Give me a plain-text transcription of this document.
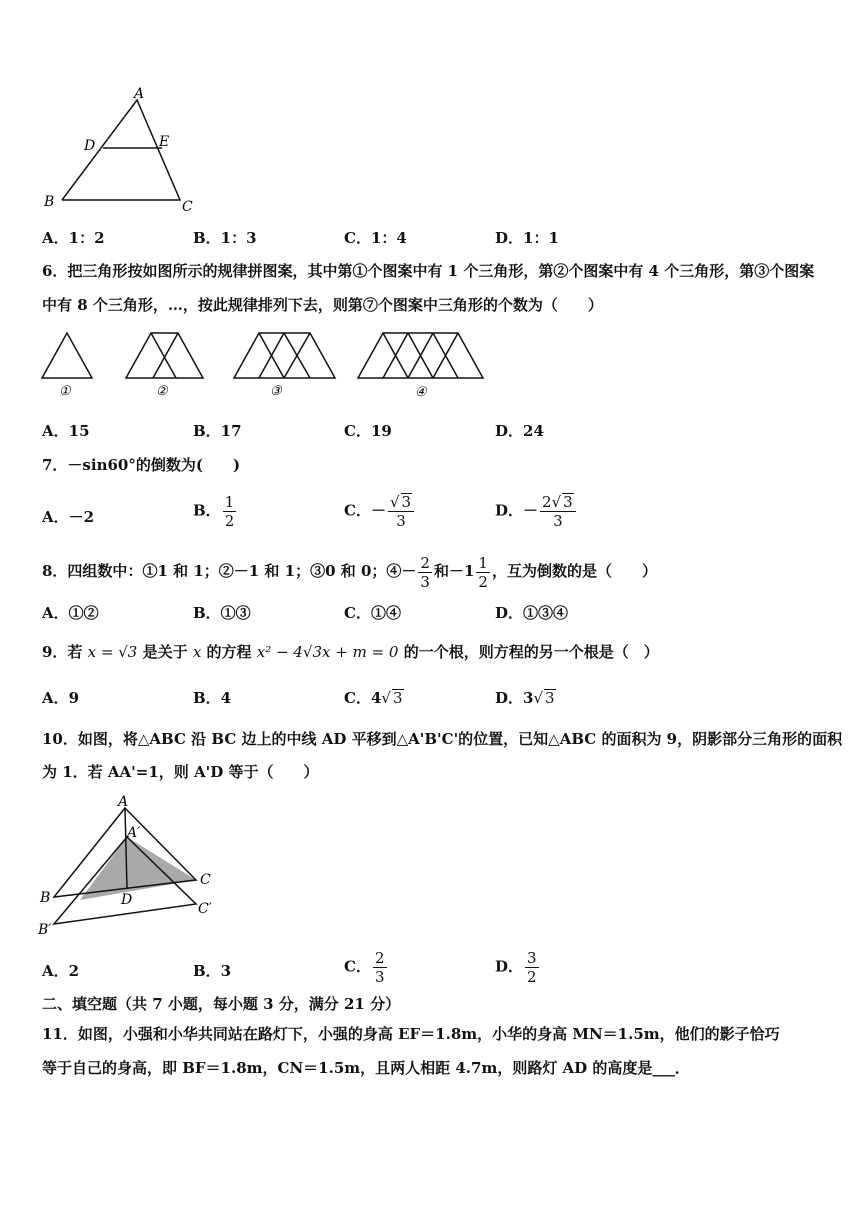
A
D	E
B	C
A．1：2	B．1：3	C．1：4	D．1：1
6．把三角形按如图所示的规律拼图案，其中第①个图案中有 1 个三角形，第②个图案中有 4 个三角形，第③个图案
中有 8 个三角形，…，按此规律排列下去，则第⑦个图案中三角形的个数为（　　）
①	②	③	④
A．15	B．17	C．19	D．24
7．－sin60°的倒数为(　　)
A．－2	B． $\frac{1}{2}$	C．－ $\frac{√ 3}{3}$	D．－ $\frac{2√ 3}{3}$
8．四组数中：①1 和 1；②－1 和 1；③0 和 0；④－ $\frac{2}{3}$ 和$-1 \frac{1}{2}$ ，互为倒数的是（　　）
A．①②	B．①③	C．①④	D．①③④
9．若 x = √3 是关于 x 的方程 x² − 4√3x + m = 0 的一个根，则方程的另一个根是（　）
A．9	B．4	C．4√ 3	D．3√ 3
10．如图，将△ABC 沿 BC 边上的中线 AD 平移到△A'B'C'的位置，已知△ABC 的面积为 9，阴影部分三角形的面积
为 1．若 AA'=1，则 A'D 等于（　　）
A
A′
B
B′
C
C′
D
A．2	B．3	C． $\frac{2}{3}$	D． $\frac{3}{2}$
二、填空题（共 7 小题，每小题 3 分，满分 21 分）
11．如图，小强和小华共同站在路灯下，小强的身高 EF＝1.8m，小华的身高 MN＝1.5m，他们的影子恰巧
等于自己的身高，即 BF＝1.8m，CN＝1.5m，且两人相距 4.7m，则路灯 AD 的高度是___．
